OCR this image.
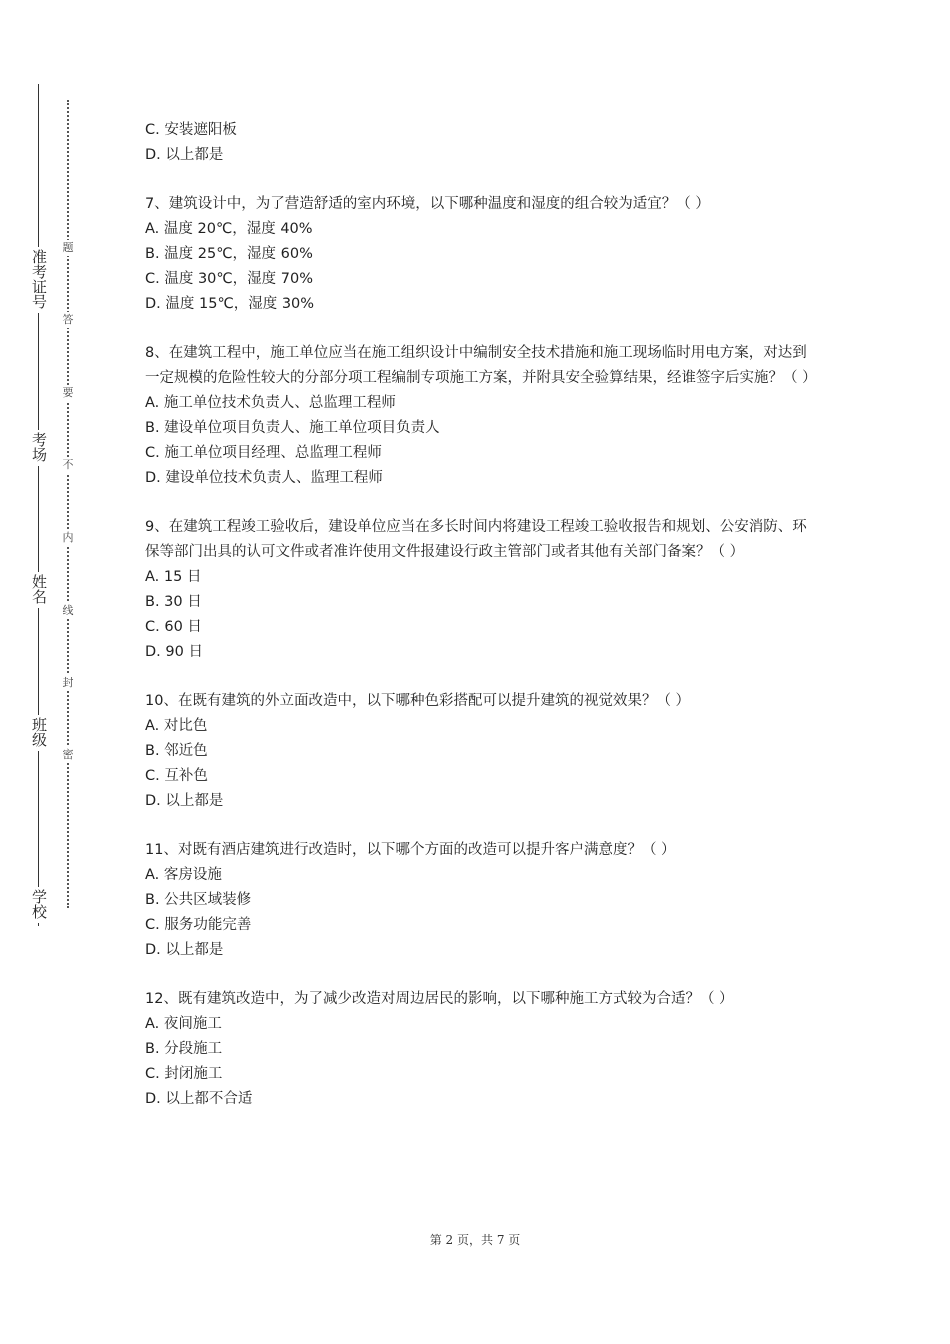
准考证号
考场
姓名
班级
学校
题
答
要
不
内
线
封
密
C. 安装遮阳板
D. 以上都是
7、建筑设计中，为了营造舒适的室内环境，以下哪种温度和湿度的组合较为适宜？（ ）
A. 温度 20℃，湿度 40%
B. 温度 25℃，湿度 60%
C. 温度 30℃，湿度 70%
D. 温度 15℃，湿度 30%
8、在建筑工程中，施工单位应当在施工组织设计中编制安全技术措施和施工现场临时用电方案，对达到一定规模的危险性较大的分部分项工程编制专项施工方案，并附具安全验算结果，经谁签字后实施？（ ）
A. 施工单位技术负责人、总监理工程师
B. 建设单位项目负责人、施工单位项目负责人
C. 施工单位项目经理、总监理工程师
D. 建设单位技术负责人、监理工程师
9、在建筑工程竣工验收后，建设单位应当在多长时间内将建设工程竣工验收报告和规划、公安消防、环保等部门出具的认可文件或者准许使用文件报建设行政主管部门或者其他有关部门备案？（ ）
A. 15 日
B. 30 日
C. 60 日
D. 90 日
10、在既有建筑的外立面改造中，以下哪种色彩搭配可以提升建筑的视觉效果？（ ）
A. 对比色
B. 邻近色
C. 互补色
D. 以上都是
11、对既有酒店建筑进行改造时，以下哪个方面的改造可以提升客户满意度？（ ）
A. 客房设施
B. 公共区域装修
C. 服务功能完善
D. 以上都是
12、既有建筑改造中，为了减少改造对周边居民的影响，以下哪种施工方式较为合适？（ ）
A. 夜间施工
B. 分段施工
C. 封闭施工
D. 以上都不合适
第 2 页，共 7 页
